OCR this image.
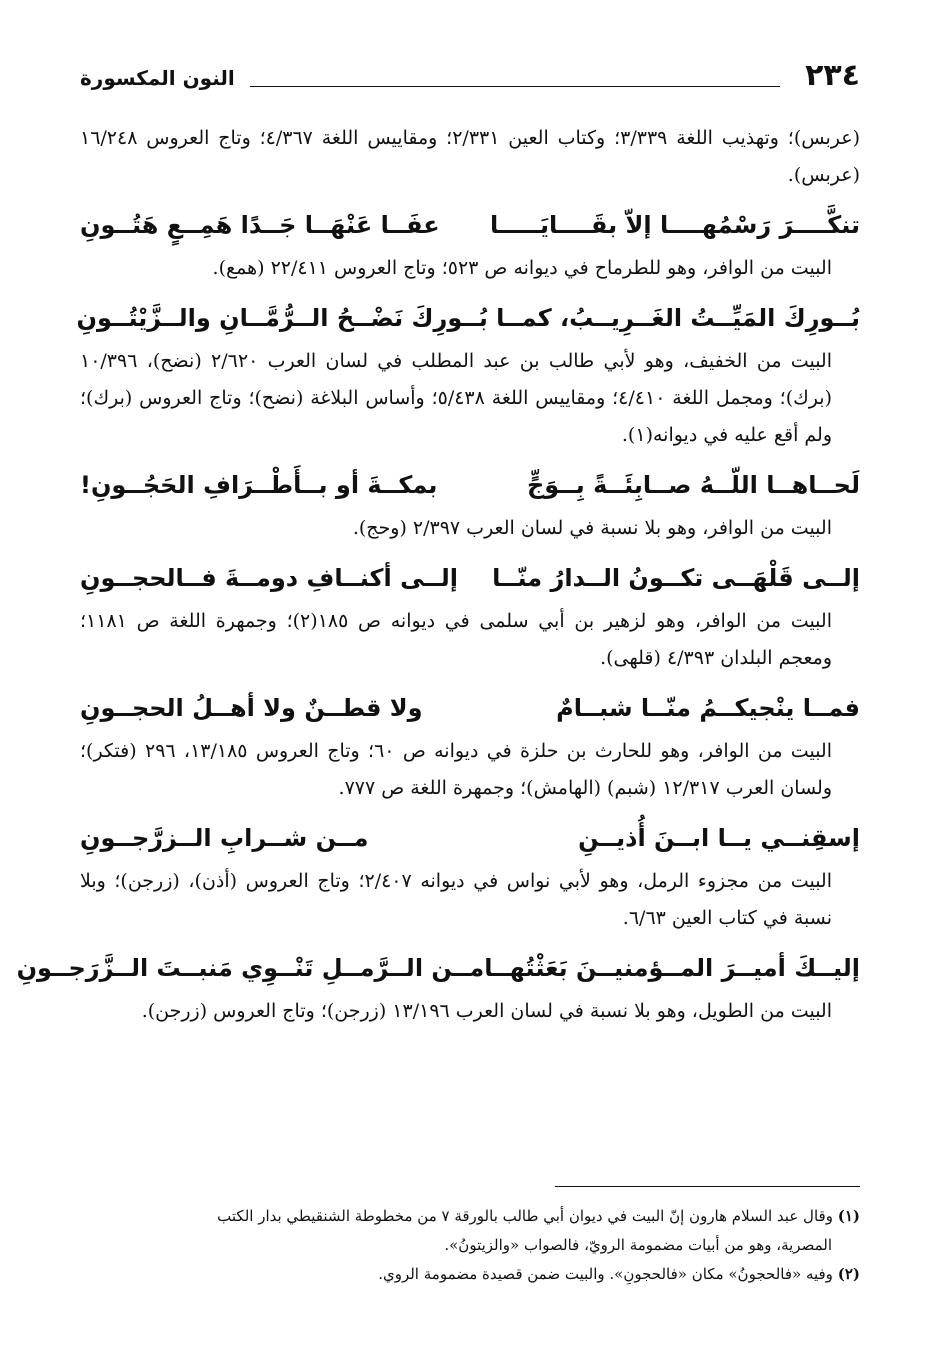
٢٣٤
النون المكسورة

(عربس)؛ وتهذيب اللغة ٣/٣٣٩؛ وكتاب العين ٢/٣٣١؛ ومقاييس اللغة ٤/٣٦٧؛ وتاج العروس ١٦/٢٤٨ (عربس).

تنكَّــــرَ رَسْمُهــــا إلاّ بقَــــايَـــــا
عفَــا عَنْهَــا جَــدًا هَمِــعٍ هَتُــونِ

البيت من الوافر، وهو للطرماح في ديوانه ص ٥٢٣؛ وتاج العروس ٢٢/٤١١ (همع).

بُــورِكَ المَيِّــتُ الغَــرِيــبُ، كمــا بُــو
رِكَ نَضْــحُ الــرُّمَّــانِ والــزَّيْتُــونِ

البيت من الخفيف، وهو لأبي طالب بن عبد المطلب في لسان العرب ٢/٦٢٠ (نضح)، ١٠/٣٩٦ (برك)؛ ومجمل اللغة ٤/٤١٠؛ ومقاييس اللغة ٥/٤٣٨؛ وأساس البلاغة (نضح)؛ وتاج العروس (برك)؛ ولم أقع عليه في ديوانه(١).

لَحــاهــا اللّــهُ صــابِئَــةً بِــوَجٍّ
بمكــةَ أو بــأَطْــرَافِ الحَجُــونِ!

البيت من الوافر، وهو بلا نسبة في لسان العرب ٢/٣٩٧ (وحج).

إلــى قَلْهَــى تكــونُ الــدارُ منّــا
إلــى أكنــافِ دومــةَ فــالحجــونِ

البيت من الوافر، وهو لزهير بن أبي سلمى في ديوانه ص ١٨٥(٢)؛ وجمهرة اللغة ص ١١٨١؛ ومعجم البلدان ٤/٣٩٣ (قلهى).

فمــا ينْجيكــمُ منّــا شبــامٌ
ولا قطــنٌ ولا أهــلُ الحجــونِ

البيت من الوافر، وهو للحارث بن حلزة في ديوانه ص ٦٠؛ وتاج العروس ١٣/١٨٥، ٢٩٦ (فتكر)؛ ولسان العرب ١٢/٣١٧ (شبم) (الهامش)؛ وجمهرة اللغة ص ٧٧٧.

إسقِنــي يــا ابــنَ أُذيــنِ
مــن شــرابِ الــزرَّجــونِ

البيت من مجزوء الرمل، وهو لأبي نواس في ديوانه ٢/٤٠٧؛ وتاج العروس (أذن)، (زرجن)؛ وبلا نسبة في كتاب العين ٦/٦٣.

إليــكَ أميــرَ المــؤمنيــنَ بَعَثْتُهــا
مــن الــرَّمــلِ تَنْــوِي مَنبــتَ الــزَّرَجــونِ

البيت من الطويل، وهو بلا نسبة في لسان العرب ١٣/١٩٦ (زرجن)؛ وتاج العروس (زرجن).

(١) وقال عبد السلام هارون إنّ البيت في ديوان أبي طالب بالورقة ٧ من مخطوطة الشنقيطي بدار الكتب

المصرية، وهو من أبيات مضمومة الرويّ، فالصواب «والزيتونُ».

(٢) وفيه «فالحجونُ» مكان «فالحجونِ». والبيت ضمن قصيدة مضمومة الروي.
